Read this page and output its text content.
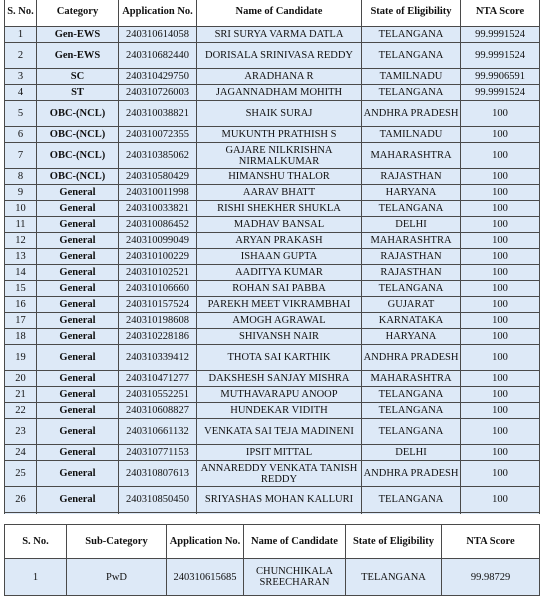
S. No.	Category	Application No.	Name of Candidate	State of Eligibility	NTA Score
1	Gen-EWS	240310614058	SRI SURYA VARMA DATLA	TELANGANA	99.9991524
2	Gen-EWS	240310682440	DORISALA SRINIVASA REDDY	TELANGANA	99.9991524
3	SC	240310429750	ARADHANA R	TAMILNADU	99.9906591
4	ST	240310726003	JAGANNADHAM MOHITH	TELANGANA	99.9991524
5	OBC-(NCL)	240310038821	SHAIK SURAJ	ANDHRA PRADESH	100
6	OBC-(NCL)	240310072355	MUKUNTH PRATHISH S	TAMILNADU	100
7	OBC-(NCL)	240310385062	GAJARE NILKRISHNA NIRMALKUMAR	MAHARASHTRA	100
8	OBC-(NCL)	240310580429	HIMANSHU THALOR	RAJASTHAN	100
9	General	240310011998	AARAV BHATT	HARYANA	100
10	General	240310033821	RISHI SHEKHER SHUKLA	TELANGANA	100
11	General	240310086452	MADHAV BANSAL	DELHI	100
12	General	240310099049	ARYAN PRAKASH	MAHARASHTRA	100
13	General	240310100229	ISHAAN GUPTA	RAJASTHAN	100
14	General	240310102521	AADITYA KUMAR	RAJASTHAN	100
15	General	240310106660	ROHAN SAI PABBA	TELANGANA	100
16	General	240310157524	PAREKH MEET VIKRAMBHAI	GUJARAT	100
17	General	240310198608	AMOGH AGRAWAL	KARNATAKA	100
18	General	240310228186	SHIVANSH NAIR	HARYANA	100
19	General	240310339412	THOTA SAI KARTHIK	ANDHRA PRADESH	100
20	General	240310471277	DAKSHESH SANJAY MISHRA	MAHARASHTRA	100
21	General	240310552251	MUTHAVARAPU ANOOP	TELANGANA	100
22	General	240310608827	HUNDEKAR VIDITH	TELANGANA	100
23	General	240310661132	VENKATA SAI TEJA MADINENI	TELANGANA	100
24	General	240310771153	IPSIT MITTAL	DELHI	100
25	General	240310807613	ANNAREDDY VENKATA TANISH REDDY	ANDHRA PRADESH	100
26	General	240310850450	SRIYASHAS MOHAN KALLURI	TELANGANA	100

S. No.	Sub-Category	Application No.	Name of Candidate	State of Eligibility	NTA Score
1	PwD	240310615685	CHUNCHIKALA SREECHARAN	TELANGANA	99.98729
